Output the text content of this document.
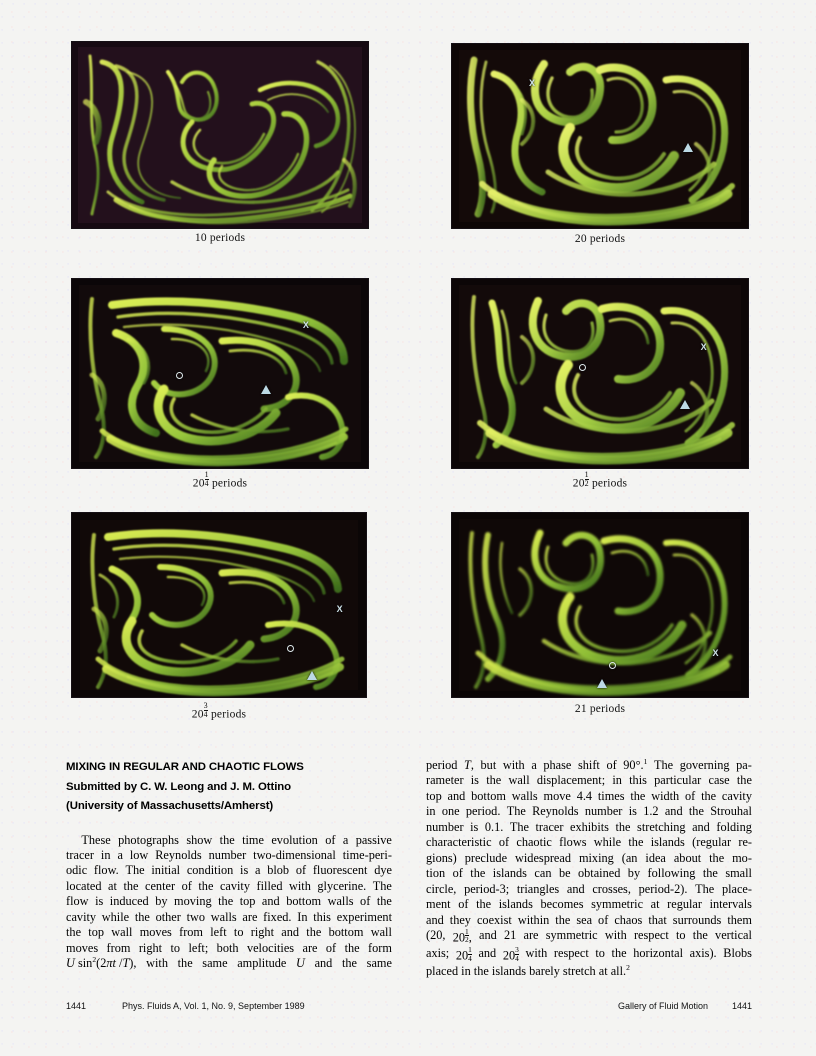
10 periods
X
20 periods
X
$20 \frac{1}{4}$ periods
X
$20 \frac{1}{2}$ periods
X
$20 \frac{3}{4}$ periods
X
21 periods
MIXING IN REGULAR AND CHAOTIC FLOWS
Submitted by C. W. Leong and J. M. Ottino
(University of Massachusetts/Amherst)
These photographs show the time evolution of a passive
tracer in a low Reynolds number two-dimensional time-peri-
odic flow. The initial condition is a blob of fluorescent dye
located at the center of the cavity filled with glycerine. The
flow is induced by moving the top and bottom walls of the
cavity while the other two walls are fixed. In this experiment
the top wall moves from left to right and the bottom wall
moves from right to left; both velocities are of the form
U $\sin^2(2\pi t$ /T), with the same amplitude U and the same
period T, but with a phase shift of 90°.$^1$ The governing pa-
rameter is the wall displacement; in this particular case the
top and bottom walls move 4.4 times the width of the cavity
in one period. The Reynolds number is 1.2 and the Strouhal
number is 0.1. The tracer exhibits the stretching and folding
characteristic of chaotic flows while the islands (regular re-
gions) preclude widespread mixing (an idea about the mo-
tion of the islands can be obtained by following the small
circle, period-3; triangles and crosses, period-2). The place-
ment of the islands becomes symmetric at regular intervals
and they coexist within the sea of chaos that surrounds them
(20, $20 \frac{1}{2}$ , and 21 are symmetric with respect to the vertical
axis; $20 \frac{1}{4}$ and $20 \frac{3}{4}$ with respect to the horizontal axis). Blobs
placed in the islands barely stretch at all.$^2$
1441	Phys. Fluids A, Vol. 1, No. 9, September 1989	Gallery of Fluid Motion	1441
